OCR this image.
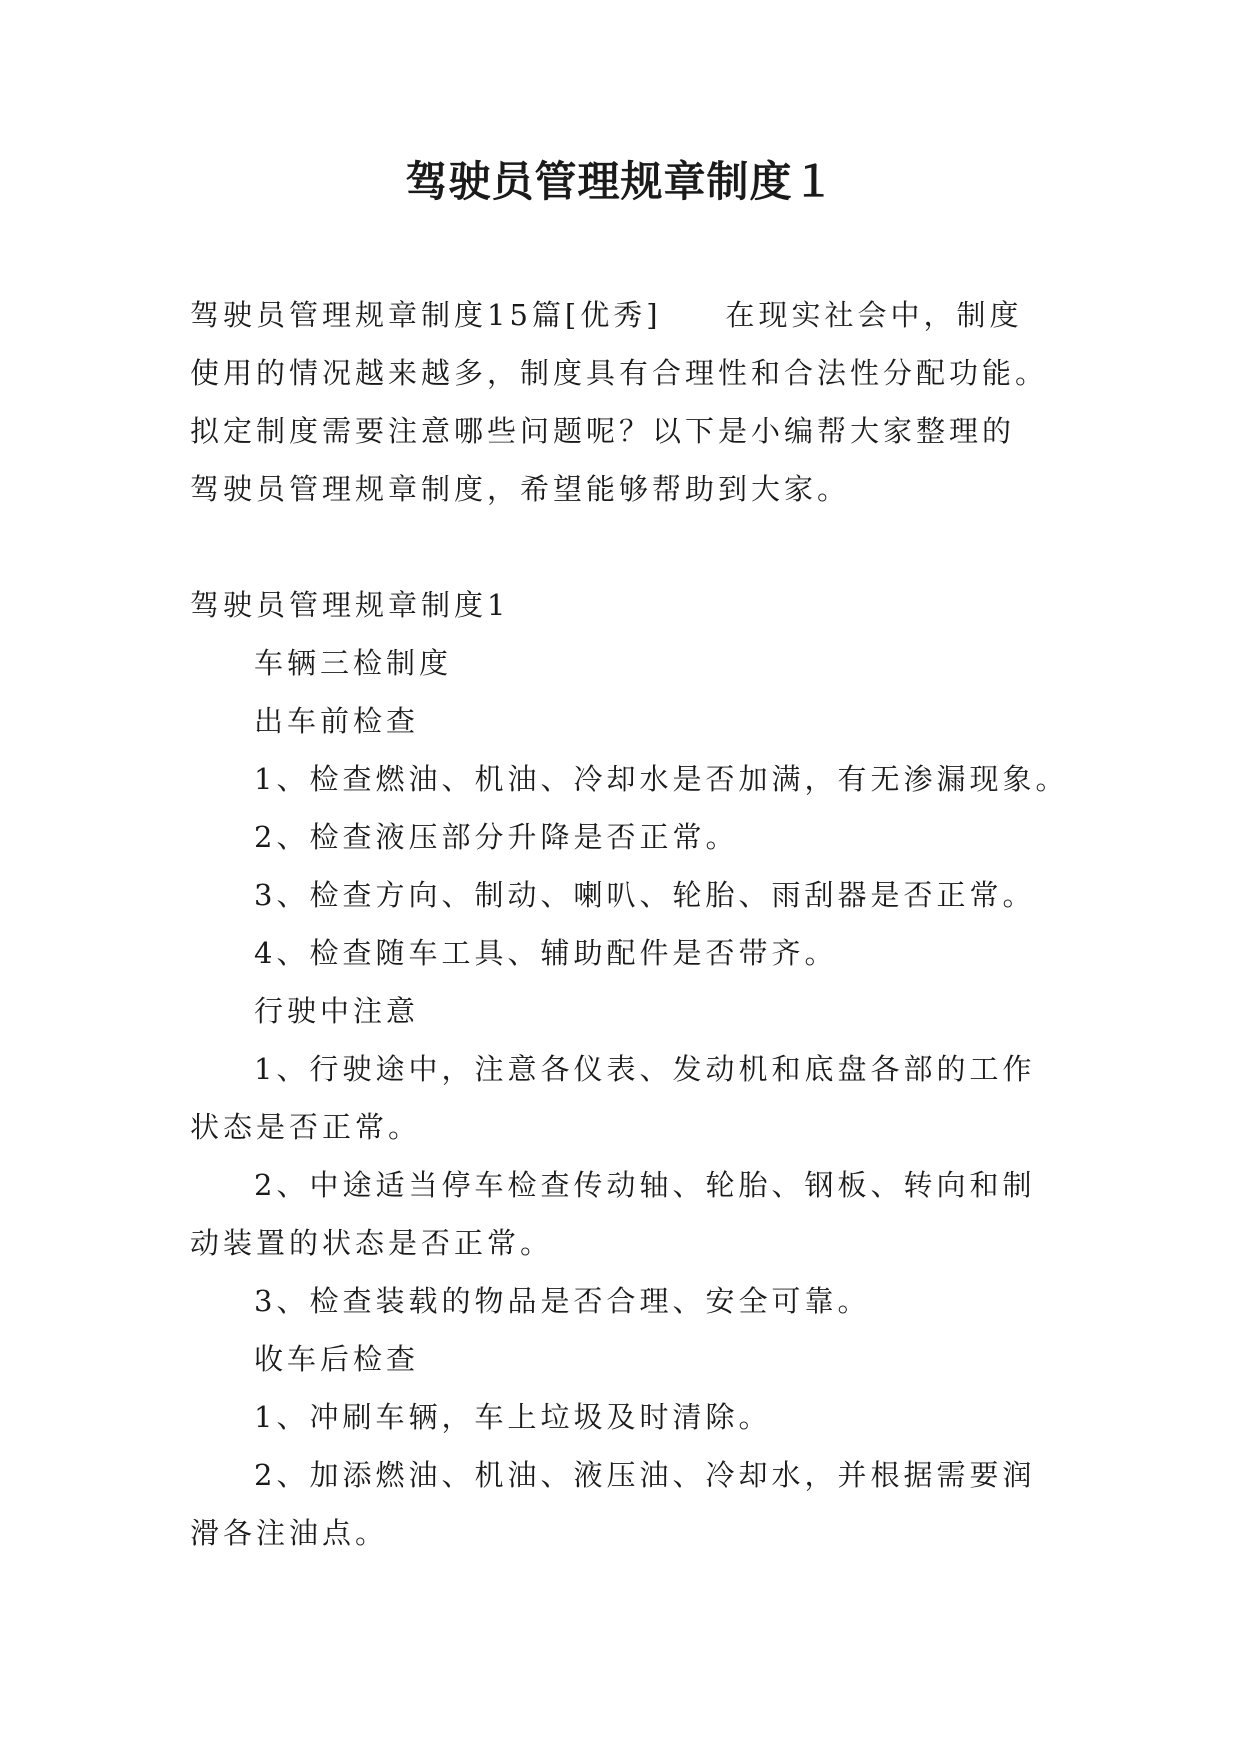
驾驶员管理规章制度１
驾驶员管理规章制度15篇[优秀] 在现实社会中，制度
使用的情况越来越多，制度具有合理性和合法性分配功能。
拟定制度需要注意哪些问题呢？以下是小编帮大家整理的
驾驶员管理规章制度，希望能够帮助到大家。
驾驶员管理规章制度1
车辆三检制度
出车前检查
1、检查燃油、机油、冷却水是否加满，有无渗漏现象。
2、检查液压部分升降是否正常。
3、检查方向、制动、喇叭、轮胎、雨刮器是否正常。
4、检查随车工具、辅助配件是否带齐。
行驶中注意
1、行驶途中，注意各仪表、发动机和底盘各部的工作
状态是否正常。
2、中途适当停车检查传动轴、轮胎、钢板、转向和制
动装置的状态是否正常。
3、检查装载的物品是否合理、安全可靠。
收车后检查
1、冲刷车辆，车上垃圾及时清除。
2、加添燃油、机油、液压油、冷却水，并根据需要润
滑各注油点。
